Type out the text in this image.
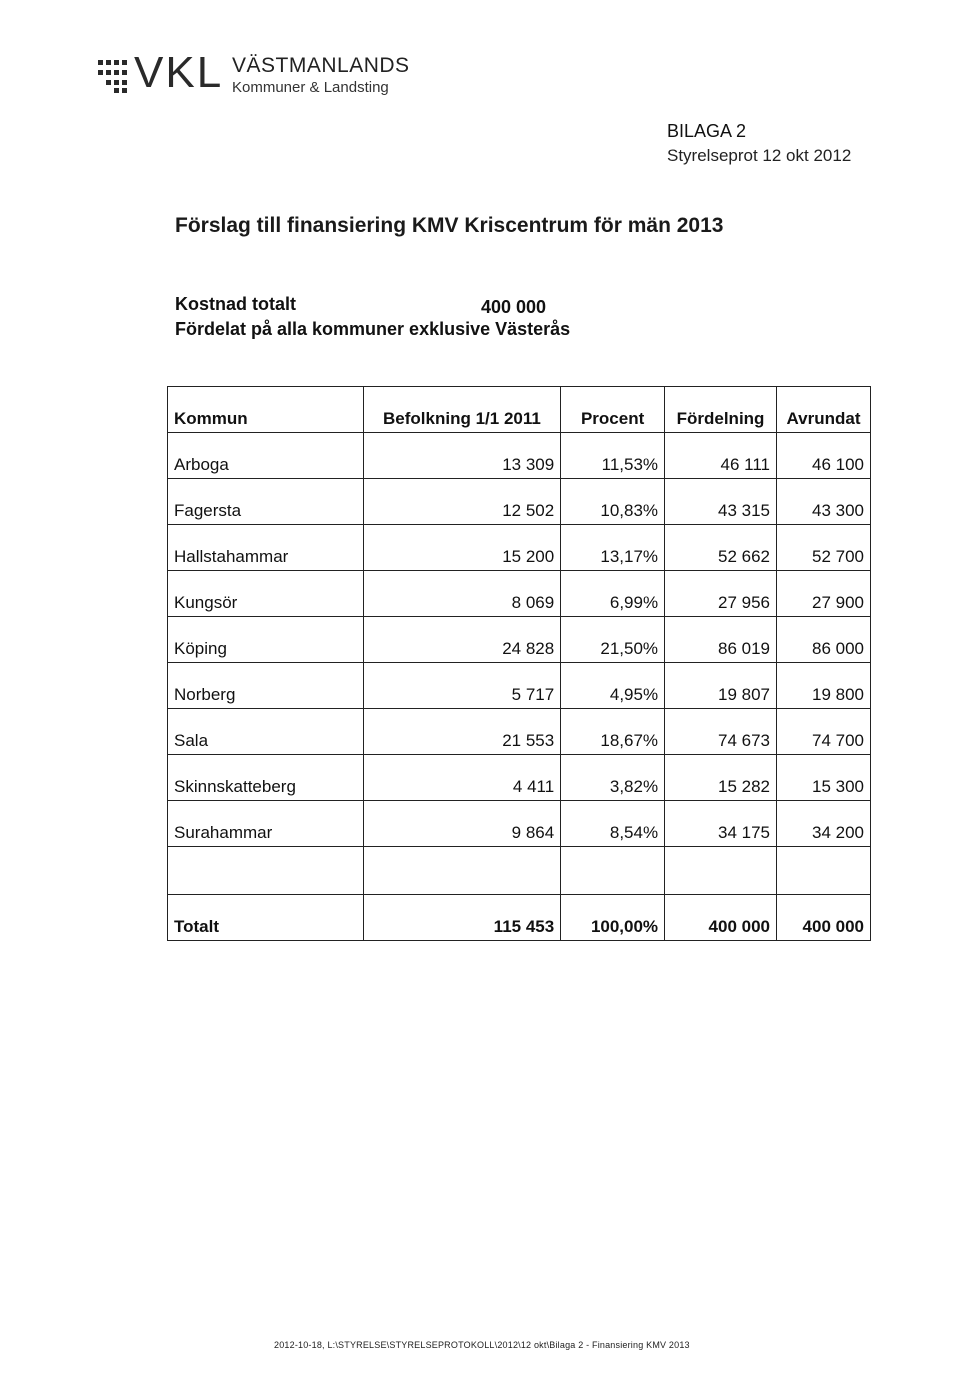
VKL VÄSTMANLANDS
Kommuner & Landsting
BILAGA 2
Styrelseprot 12 okt 2012
Förslag till finansiering KMV Kriscentrum för män 2013
Kostnad totalt	400 000
Fördelat på alla kommuner exklusive Västerås
Kommun	Befolkning 1/1 2011	Procent	Fördelning	Avrundat
Arboga	13 309	11,53%	46 111	46 100
Fagersta	12 502	10,83%	43 315	43 300
Hallstahammar	15 200	13,17%	52 662	52 700
Kungsör	8 069	6,99%	27 956	27 900
Köping	24 828	21,50%	86 019	86 000
Norberg	5 717	4,95%	19 807	19 800
Sala	21 553	18,67%	74 673	74 700
Skinnskatteberg	4 411	3,82%	15 282	15 300
Surahammar	9 864	8,54%	34 175	34 200

Totalt	115 453	100,00%	400 000	400 000
2012-10-18, L:\STYRELSE\STYRELSEPROTOKOLL\2012\12 okt\Bilaga 2 - Finansiering KMV 2013
